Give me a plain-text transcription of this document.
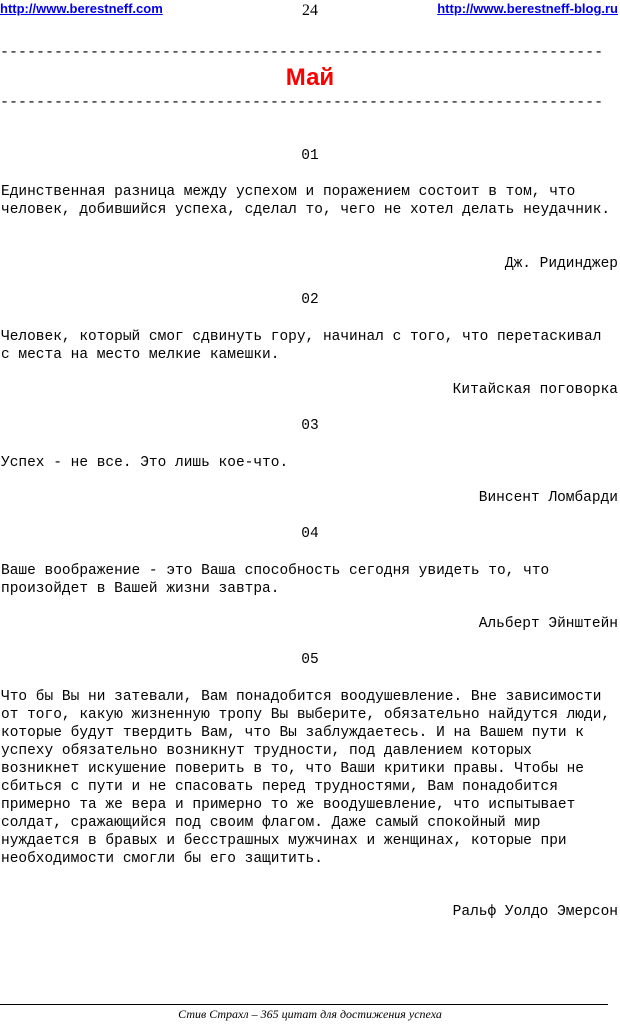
http://www.berestneff.com	24	http://www.berestneff-blog.ru
-------------------------------------------------------------------
Май
-------------------------------------------------------------------
01
Единственная разница между успехом и поражением состоит в том, что человек, добившийся успеха, сделал то, чего не хотел делать неудачник.
Дж. Ридинджер
02
Человек, который смог сдвинуть гору, начинал с того, что перетаскивал с места на место мелкие камешки.
Китайская поговорка
03
Успех - не все. Это лишь кое-что.
Винсент Ломбарди
04
Ваше воображение - это Ваша способность сегодня увидеть то, что произойдет в Вашей жизни завтра.
Альберт Эйнштейн
05
Что бы Вы ни затевали, Вам понадобится воодушевление. Вне зависимости от того, какую жизненную тропу Вы выберите, обязательно найдутся люди, которые будут твердить Вам, что Вы заблуждаетесь. И на Вашем пути к успеху обязательно возникнут трудности, под давлением которых возникнет искушение поверить в то, что Ваши критики правы. Чтобы не сбиться с пути и не спасовать перед трудностями, Вам понадобится примерно та же вера и примерно то же воодушевление, что испытывает солдат, сражающийся под своим флагом. Даже самый спокойный мир нуждается в бравых и бесстрашных мужчинах и женщинах, которые при необходимости смогли бы его защитить.
Ральф Уолдо Эмерсон
Стив Страхл – 365 цитат для достижения успеха
